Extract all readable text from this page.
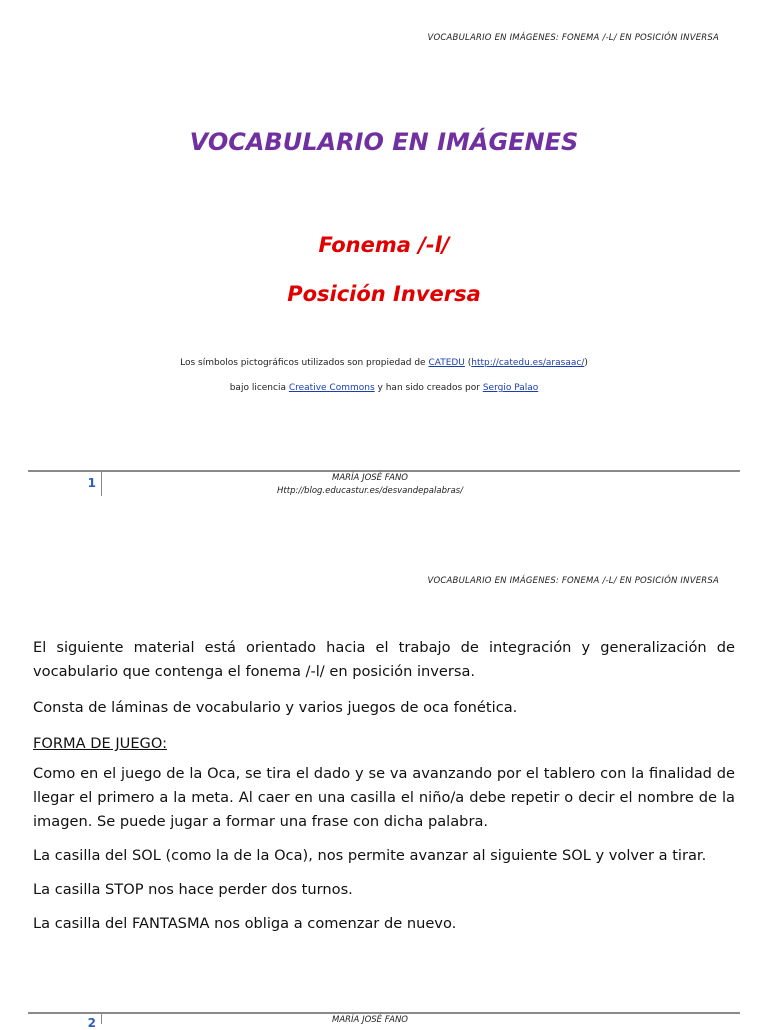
VOCABULARIO EN IMÁGENES: FONEMA /-L/ EN POSICIÓN INVERSA
VOCABULARIO EN IMÁGENES
Fonema /-l/
Posición Inversa
Los símbolos pictográficos utilizados son propiedad de CATEDU (http://catedu.es/arasaac/)
bajo licencia Creative Commons y han sido creados por Sergio Palao
1	MARÍA JOSÉ FANO
Http://blog.educastur.es/desvandepalabras/
VOCABULARIO EN IMÁGENES: FONEMA /-L/ EN POSICIÓN INVERSA

El siguiente material está orientado hacia el trabajo de integración y generalización de vocabulario que contenga el fonema /-l/ en posición inversa.

Consta de láminas de vocabulario y varios juegos de oca fonética.

FORMA DE JUEGO:

Como en el juego de la Oca, se tira el dado y se va avanzando por el tablero con la finalidad de llegar el primero a la meta. Al caer en una casilla el niño/a debe repetir o decir el nombre de la imagen. Se puede jugar a formar una frase con dicha palabra.

La casilla del SOL (como la de la Oca), nos permite avanzar al siguiente SOL y volver a tirar.

La casilla STOP nos hace perder dos turnos.

La casilla del FANTASMA nos obliga a comenzar de nuevo.

2	MARÍA JOSÉ FANO
